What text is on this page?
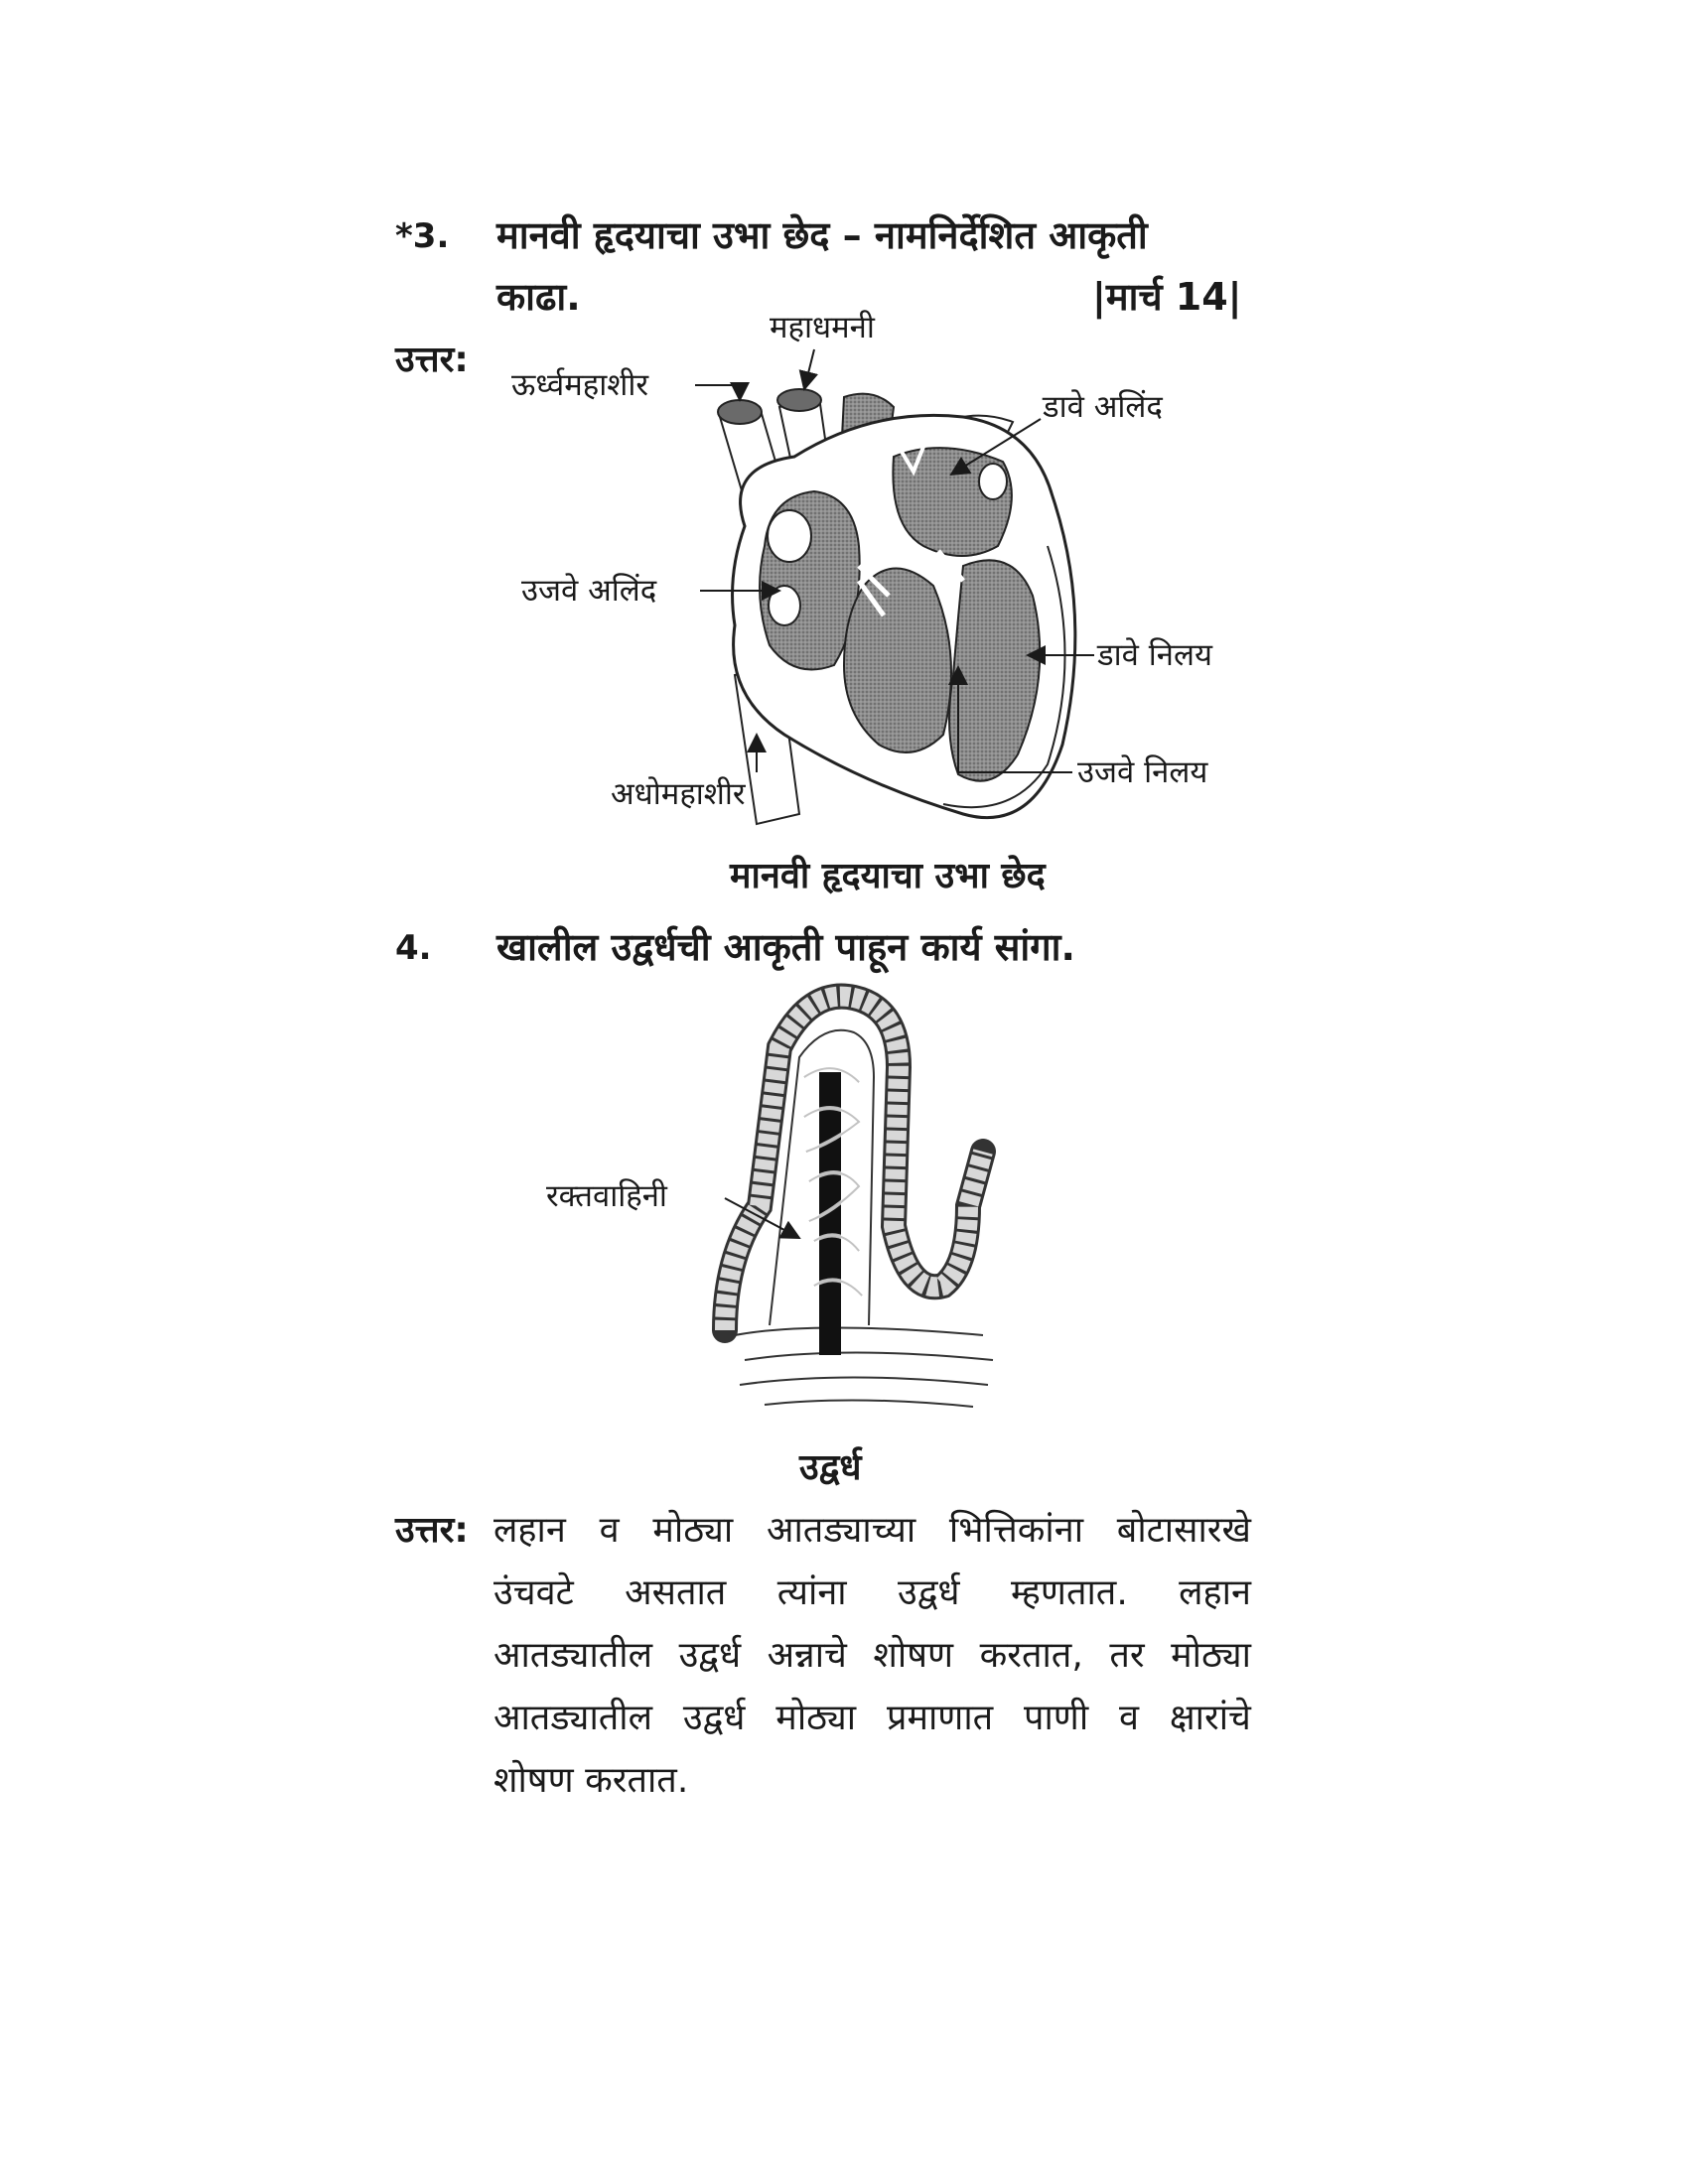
*3. मानवी हृदयाचा उभा छेद – नामनिर्देशित आकृती
काढा.	|मार्च 14|
उत्तर:
महाधमनी
ऊर्ध्वमहाशीर
डावे अलिंद
उजवे अलिंद
डावे निलय
उजवे निलय
अधोमहाशीर
मानवी हृदयाचा उभा छेद
4. खालील उद्वर्धची आकृती पाहून कार्य सांगा.
रक्तवाहिनी
उद्वर्ध
उत्तर: लहान व मोठ्या आतड्याच्या भित्तिकांना बोटासारखे
उंचवटे असतात त्यांना उद्वर्ध म्हणतात. लहान
आतड्यातील उद्वर्ध अन्नाचे शोषण करतात, तर मोठ्या
आतड्यातील उद्वर्ध मोठ्या प्रमाणात पाणी व क्षारांचे
शोषण करतात.
